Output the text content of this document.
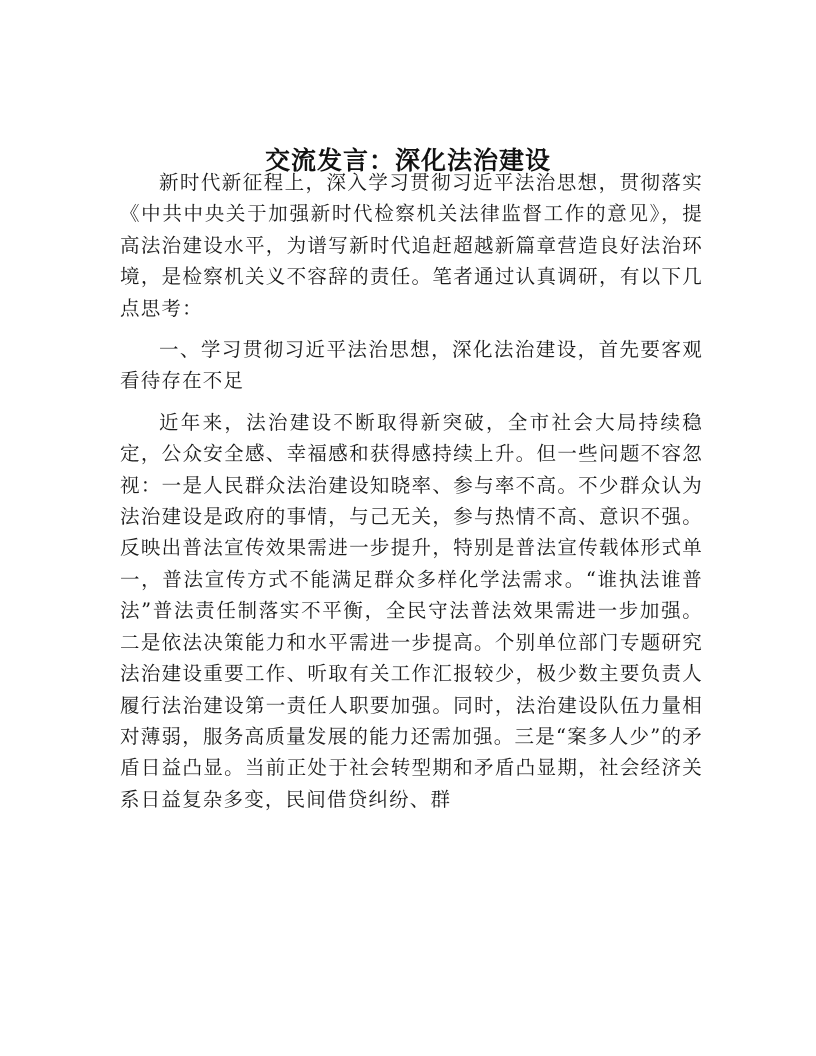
交流发言：深化法治建设

新时代新征程上，深入学习贯彻习近平法治思想，贯彻落实《中共中央关于加强新时代检察机关法律监督工作的意见》，提高法治建设水平，为谱写新时代追赶超越新篇章营造良好法治环境，是检察机关义不容辞的责任。笔者通过认真调研，有以下几点思考：

一、学习贯彻习近平法治思想，深化法治建设，首先要客观看待存在不足

近年来，法治建设不断取得新突破，全市社会大局持续稳定，公众安全感、幸福感和获得感持续上升。但一些问题不容忽视：一是人民群众法治建设知晓率、参与率不高。不少群众认为法治建设是政府的事情，与己无关，参与热情不高、意识不强。反映出普法宣传效果需进一步提升，特别是普法宣传载体形式单一，普法宣传方式不能满足群众多样化学法需求。“谁执法谁普法”普法责任制落实不平衡，全民守法普法效果需进一步加强。二是依法决策能力和水平需进一步提高。个别单位部门专题研究法治建设重要工作、听取有关工作汇报较少，极少数主要负责人履行法治建设第一责任人职要加强。同时，法治建设队伍力量相对薄弱，服务高质量发展的能力还需加强。三是“案多人少”的矛盾日益凸显。当前正处于社会转型期和矛盾凸显期，社会经济关系日益复杂多变，民间借贷纠纷、群
